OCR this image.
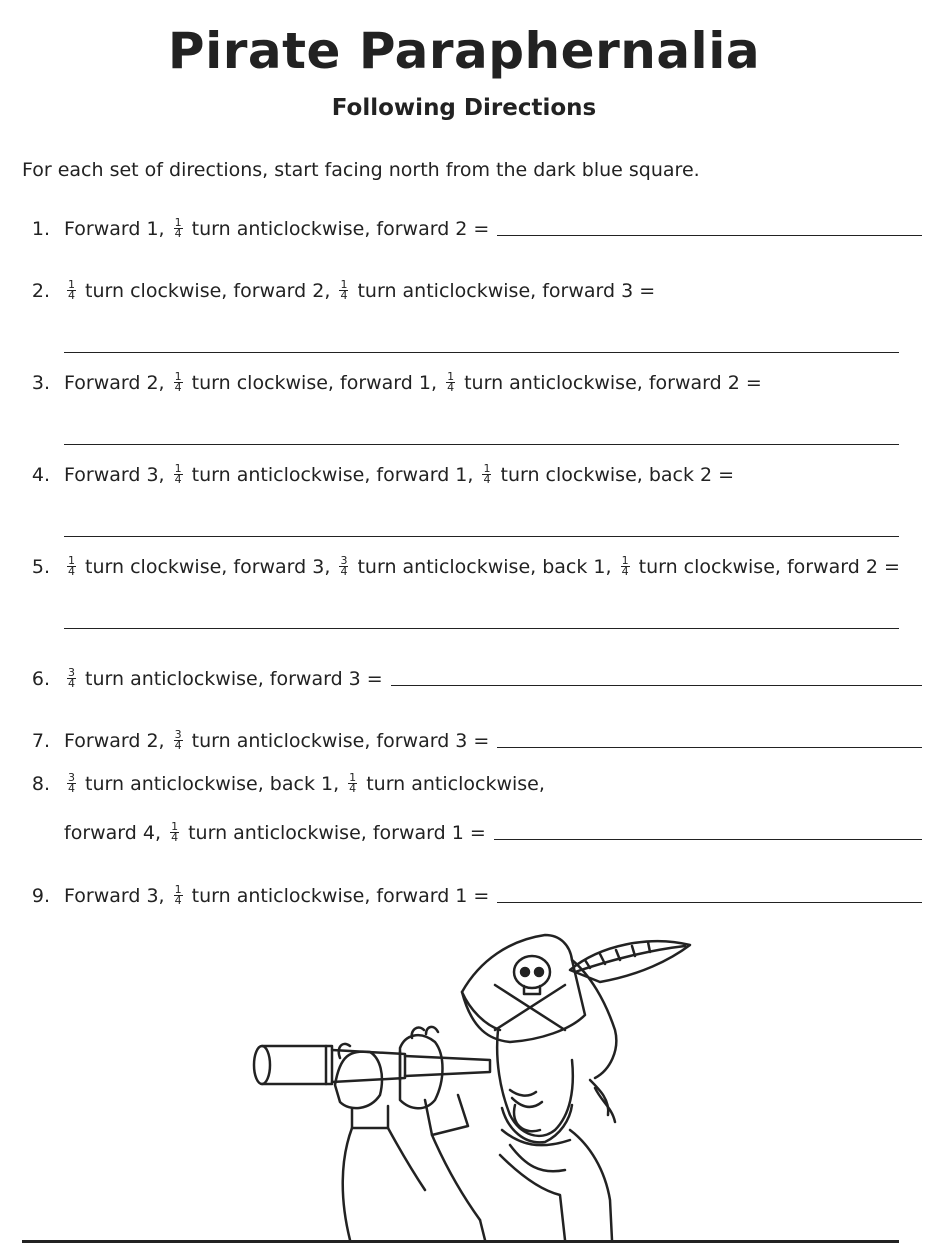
Pirate Paraphernalia
Following Directions
For each set of directions, start facing north from the dark blue square.
1. Forward 1, $\frac{1}{4}$ turn anticlockwise, forward 2 =
2.	$\frac{1}{4}$ turn clockwise, forward 2, $\frac{1}{4}$ turn anticlockwise, forward 3 =
3. Forward 2, $\frac{1}{4}$ turn clockwise, forward 1, $\frac{1}{4}$ turn anticlockwise, forward 2 =
4. Forward 3, $\frac{1}{4}$ turn anticlockwise, forward 1, $\frac{1}{4}$ turn clockwise, back 2 =
5.	$\frac{1}{4}$ turn clockwise, forward 3, $\frac{3}{4}$ turn anticlockwise, back 1, $\frac{1}{4}$ turn clockwise, forward 2 =
6.	$\frac{3}{4}$ turn anticlockwise, forward 3 =
7. Forward 2, $\frac{3}{4}$ turn anticlockwise, forward 3 =
8.	$\frac{3}{4}$ turn anticlockwise, back 1, $\frac{1}{4}$ turn anticlockwise,
forward 4, $\frac{1}{4}$ turn anticlockwise, forward 1 =
9. Forward 3, $\frac{1}{4}$ turn anticlockwise, forward 1 =
